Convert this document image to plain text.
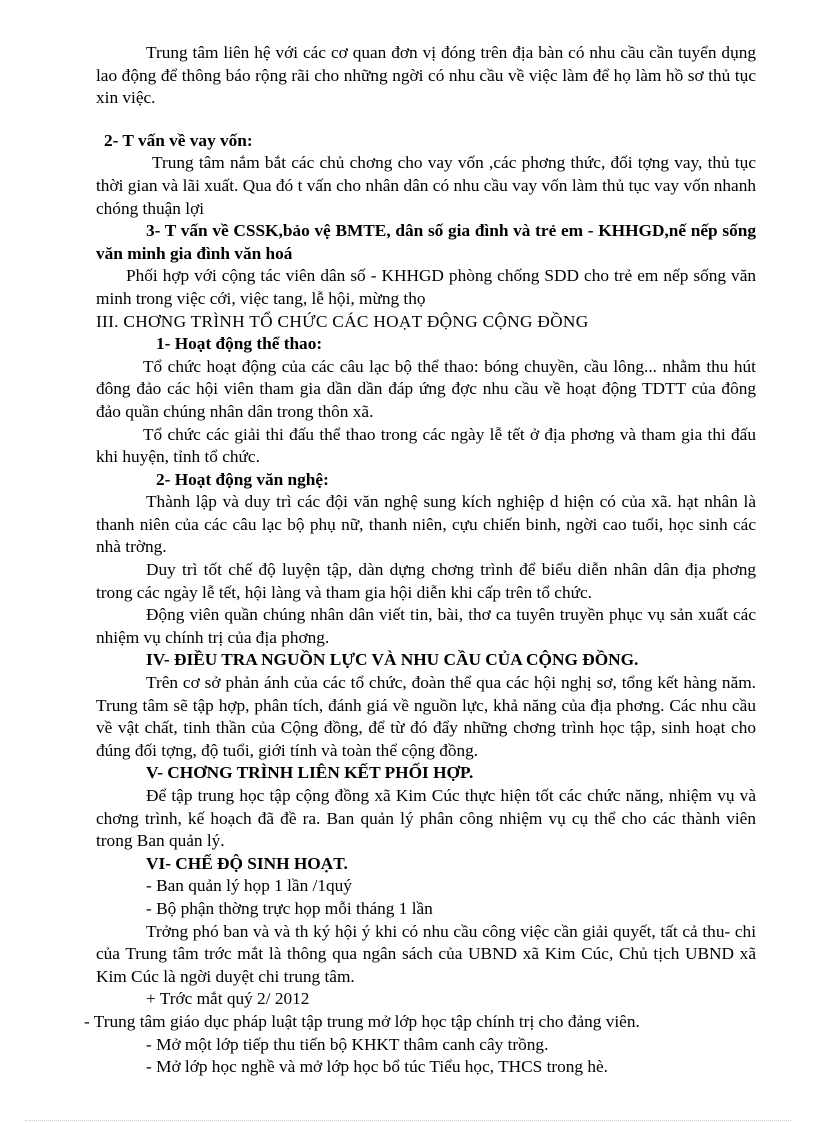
Trung tâm liên hệ với các cơ quan đơn vị đóng trên địa bàn có nhu cầu cần tuyển dụng lao động để thông báo rộng rãi cho những ngời có nhu cầu về việc làm để họ làm hồ sơ thủ tục xin việc.

2- T vấn về vay vốn:

Trung tâm nắm bắt các chủ chơng cho vay vốn ,các phơng thức, đối tợng vay, thủ tục thời gian và lãi xuất. Qua đó t vấn cho nhân dân có nhu cầu vay vốn làm thủ tục vay vốn nhanh chóng thuận lợi

3- T vấn về CSSK,bảo vệ BMTE, dân số gia đình và trẻ em - KHHGD,nế nếp sống văn minh gia đình văn hoá

Phối hợp với cộng tác viên dân số - KHHGD phòng chống SDD cho trẻ em nếp sống văn minh trong việc cới, việc tang, lễ hội, mừng thọ

III. CHƠNG TRÌNH TỔ CHỨC CÁC HOẠT ĐỘNG CỘNG ĐỒNG

1- Hoạt động thể thao:

Tổ chức hoạt động của các câu lạc bộ thể thao: bóng chuyền, cầu lông... nhằm thu hút đông đảo các hội viên tham gia dần dần đáp ứng đợc nhu cầu về hoạt động TDTT của đông đảo quần chúng nhân dân trong thôn xã.

Tổ chức các giải thi đấu thể thao trong các ngày lễ tết ở địa phơng và tham gia thi đấu khi huyện, tỉnh tổ chức.

2- Hoạt động văn nghệ:

Thành lập và duy trì các đội văn nghệ sung kích nghiệp d hiện có của xã. hạt nhân là thanh niên của các câu lạc bộ phụ nữ, thanh niên, cựu chiến binh, ngời cao tuổi, học sinh các nhà trờng.

Duy trì tốt chế độ luyện tập, dàn dựng chơng trình để biểu diễn nhân dân địa phơng trong các ngày lễ tết, hội làng và tham gia hội diễn khi cấp trên tổ chức.

Động viên quần chúng nhân dân viết tin, bài, thơ ca tuyên truyền phục vụ sản xuất các nhiệm vụ chính trị của địa phơng.

IV- ĐIỀU TRA NGUỒN LỰC VÀ NHU CẦU CỦA CỘNG ĐỒNG.

Trên cơ sở phản ánh của các tổ chức, đoàn thể qua các hội nghị sơ, tổng kết hàng năm. Trung tâm sẽ tập hợp, phân tích, đánh giá về nguồn lực, khả năng của địa phơng. Các nhu cầu về vật chất, tinh thần của Cộng đồng, để từ đó đẩy những chơng trình học tập, sinh hoạt cho đúng đối tợng, độ tuổi, giới tính và toàn thể cộng đồng.

V- CHƠNG TRÌNH LIÊN KẾT PHỐI HỢP.

Để tập trung học tập cộng đồng xã Kim Cúc thực hiện tốt các chức năng, nhiệm vụ và chơng trình, kế hoạch đã đề ra. Ban quản lý phân công nhiệm vụ cụ thể cho các thành viên trong Ban quản lý.

VI- CHẾ ĐỘ SINH HOẠT.

- Ban quản lý họp 1 lần /1quý

- Bộ phận thờng trực họp mỗi tháng 1 lần

Trởng phó ban và và th ký hội ý khi có nhu cầu công việc cần giải quyết, tất cả thu- chi của Trung tâm trớc mắt là thông qua ngân sách của UBND xã Kim Cúc, Chủ tịch UBND xã Kim Cúc là ngời duyệt chi trung tâm.

+ Trớc mắt quý 2/ 2012

- Trung tâm giáo dục pháp luật tập trung mở lớp học tập chính trị cho đảng viên.

- Mở một lớp tiếp thu tiến bộ KHKT thâm canh cây trồng.

- Mở lớp học nghề và mở lớp học bổ túc Tiểu học, THCS trong hè.
